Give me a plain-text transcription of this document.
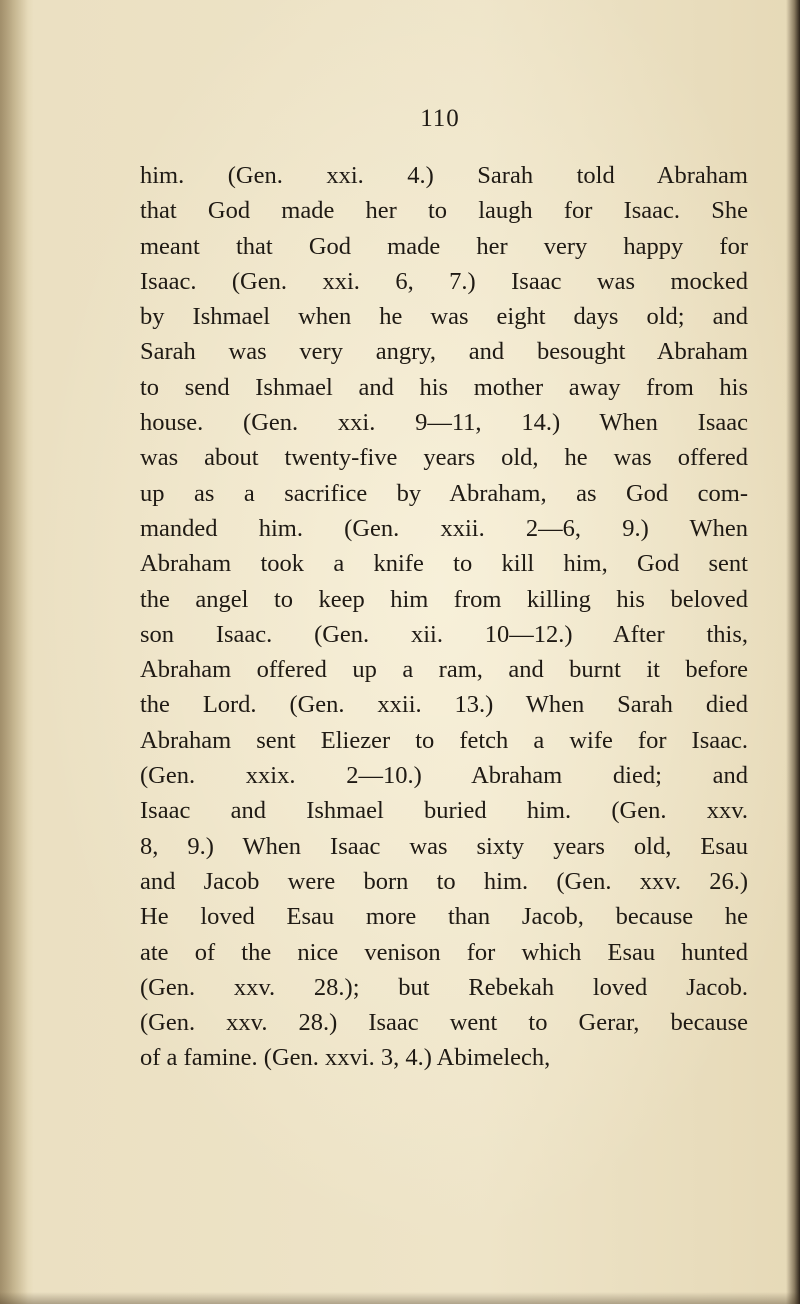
110
him. (Gen. xxi. 4.) Sarah told Abraham
that God made her to laugh for Isaac. She
meant that God made her very happy for
Isaac. (Gen. xxi. 6, 7.) Isaac was mocked
by Ishmael when he was eight days old; and
Sarah was very angry, and besought Abraham
to send Ishmael and his mother away from his
house. (Gen. xxi. 9—11, 14.) When Isaac
was about twenty-five years old, he was offered
up as a sacrifice by Abraham, as God com-
manded him. (Gen. xxii. 2—6, 9.) When
Abraham took a knife to kill him, God sent
the angel to keep him from killing his beloved
son Isaac. (Gen. xii. 10—12.) After this,
Abraham offered up a ram, and burnt it before
the Lord. (Gen. xxii. 13.) When Sarah died
Abraham sent Eliezer to fetch a wife for Isaac.
(Gen. xxix. 2—10.) Abraham died; and
Isaac and Ishmael buried him. (Gen. xxv.
8, 9.) When Isaac was sixty years old, Esau
and Jacob were born to him. (Gen. xxv. 26.)
He loved Esau more than Jacob, because he
ate of the nice venison for which Esau hunted
(Gen. xxv. 28.); but Rebekah loved Jacob.
(Gen. xxv. 28.) Isaac went to Gerar, because
of a famine. (Gen. xxvi. 3, 4.) Abimelech,
